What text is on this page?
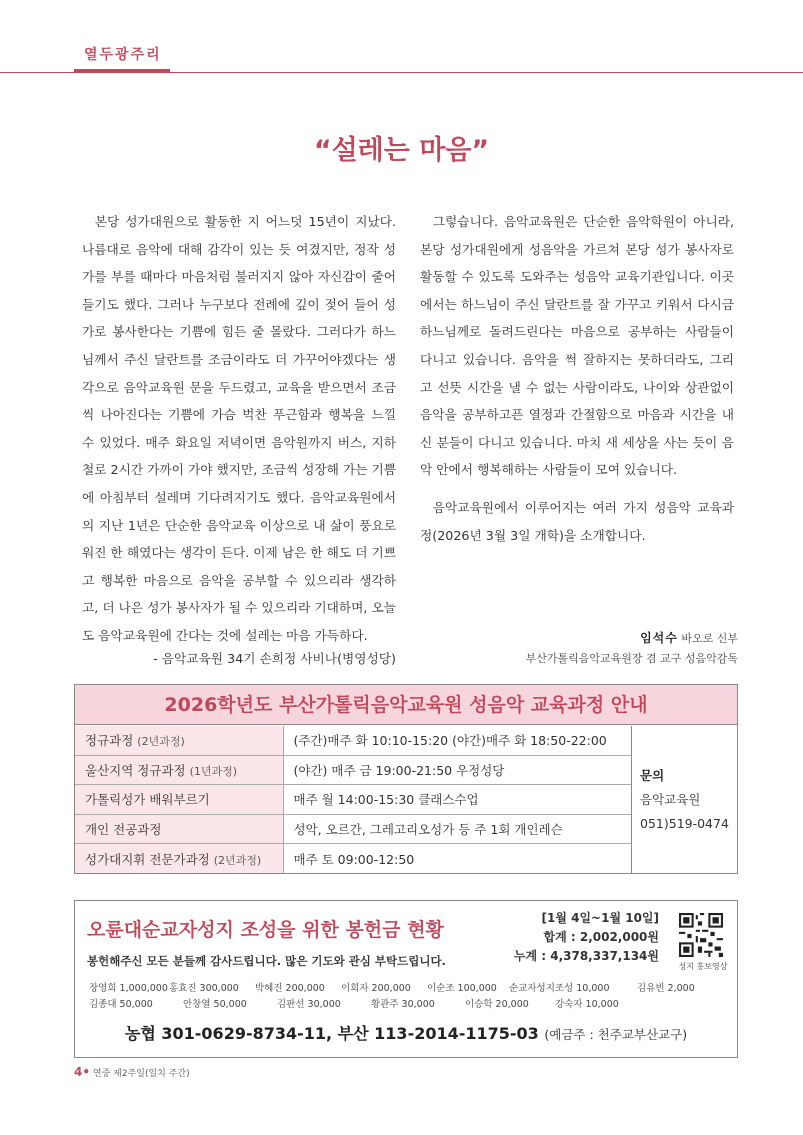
열두광주리
“설레는 마음”

본당 성가대원으로 활동한 지 어느덧 15년이 지났다. 나름대로 음악에 대해 감각이 있는 듯 여겼지만, 정작 성가를 부를 때마다 마음처럼 불러지지 않아 자신감이 줄어들기도 했다. 그러나 누구보다 전례에 깊이 젖어 들어 성가로 봉사한다는 기쁨에 힘든 줄 몰랐다. 그러다가 하느님께서 주신 달란트를 조금이라도 더 가꾸어야겠다는 생각으로 음악교육원 문을 두드렸고, 교육을 받으면서 조금씩 나아진다는 기쁨에 가슴 벅찬 푸근함과 행복을 느낄 수 있었다. 매주 화요일 저녁이면 음악원까지 버스, 지하철로 2시간 가까이 가야 했지만, 조금씩 성장해 가는 기쁨에 아침부터 설레며 기다려지기도 했다. 음악교육원에서의 지난 1년은 단순한 음악교육 이상으로 내 삶이 풍요로워진 한 해였다는 생각이 든다. 이제 남은 한 해도 더 기쁘고 행복한 마음으로 음악을 공부할 수 있으리라 생각하고, 더 나은 성가 봉사자가 될 수 있으리라 기대하며, 오늘도 음악교육원에 간다는 것에 설레는 마음 가득하다.

- 음악교육원 34기 손희정 사비나(병영성당)

그렇습니다. 음악교육원은 단순한 음악학원이 아니라, 본당 성가대원에게 성음악을 가르쳐 본당 성가 봉사자로 활동할 수 있도록 도와주는 성음악 교육기관입니다. 이곳에서는 하느님이 주신 달란트를 잘 가꾸고 키워서 다시금 하느님께로 돌려드린다는 마음으로 공부하는 사람들이 다니고 있습니다. 음악을 썩 잘하지는 못하더라도, 그리고 선뜻 시간을 낼 수 없는 사람이라도, 나이와 상관없이 음악을 공부하고픈 열정과 간절함으로 마음과 시간을 내신 분들이 다니고 있습니다. 마치 새 세상을 사는 듯이 음악 안에서 행복해하는 사람들이 모여 있습니다.

음악교육원에서 이루어지는 여러 가지 성음악 교육과정(2026년 3월 3일 개학)을 소개합니다.

임석수 바오로 신부
부산가톨릭음악교육원장 겸 교구 성음악감독
2026학년도 부산가톨릭음악교육원 성음악 교육과정 안내
정규과정 (2년과정)	(주간)매주 화 10:10-15:20 (야간)매주 화 18:50-22:00
울산지역 정규과정 (1년과정)	(야간) 매주 금 19:00-21:50 우정성당
가톨릭성가 배워부르기	매주 월 14:00-15:30 클래스수업
개인 전공과정	성악, 오르간, 그레고리오성가 등 주 1회 개인레슨
성가대지휘 전문가과정 (2년과정)	매주 토 09:00-12:50
문의
음악교육원
051)519-0474
오륜대순교자성지 조성을 위한 봉헌금 현황
봉헌해주신 모든 분들께 감사드립니다. 많은 기도와 관심 부탁드립니다.
[1월 4일~1월 10일]
합계 : 2,002,000원
누계 : 4,378,337,134원
성지 홍보영상
장영희 1,000,000 홍효진 300,000	박혜진 200,000	이희자 200,000	이순조 100,000	순교자성지조성 10,000	김유빈 2,000
김종대 50,000	안창열 50,000	김판선 30,000	황관주 30,000	이승학 20,000	강숙자 10,000
농협 301-0629-8734-11, 부산 113-2014-1175-03 (예금주 : 천주교부산교구)
4• 연중 제2주일(일치 주간)
